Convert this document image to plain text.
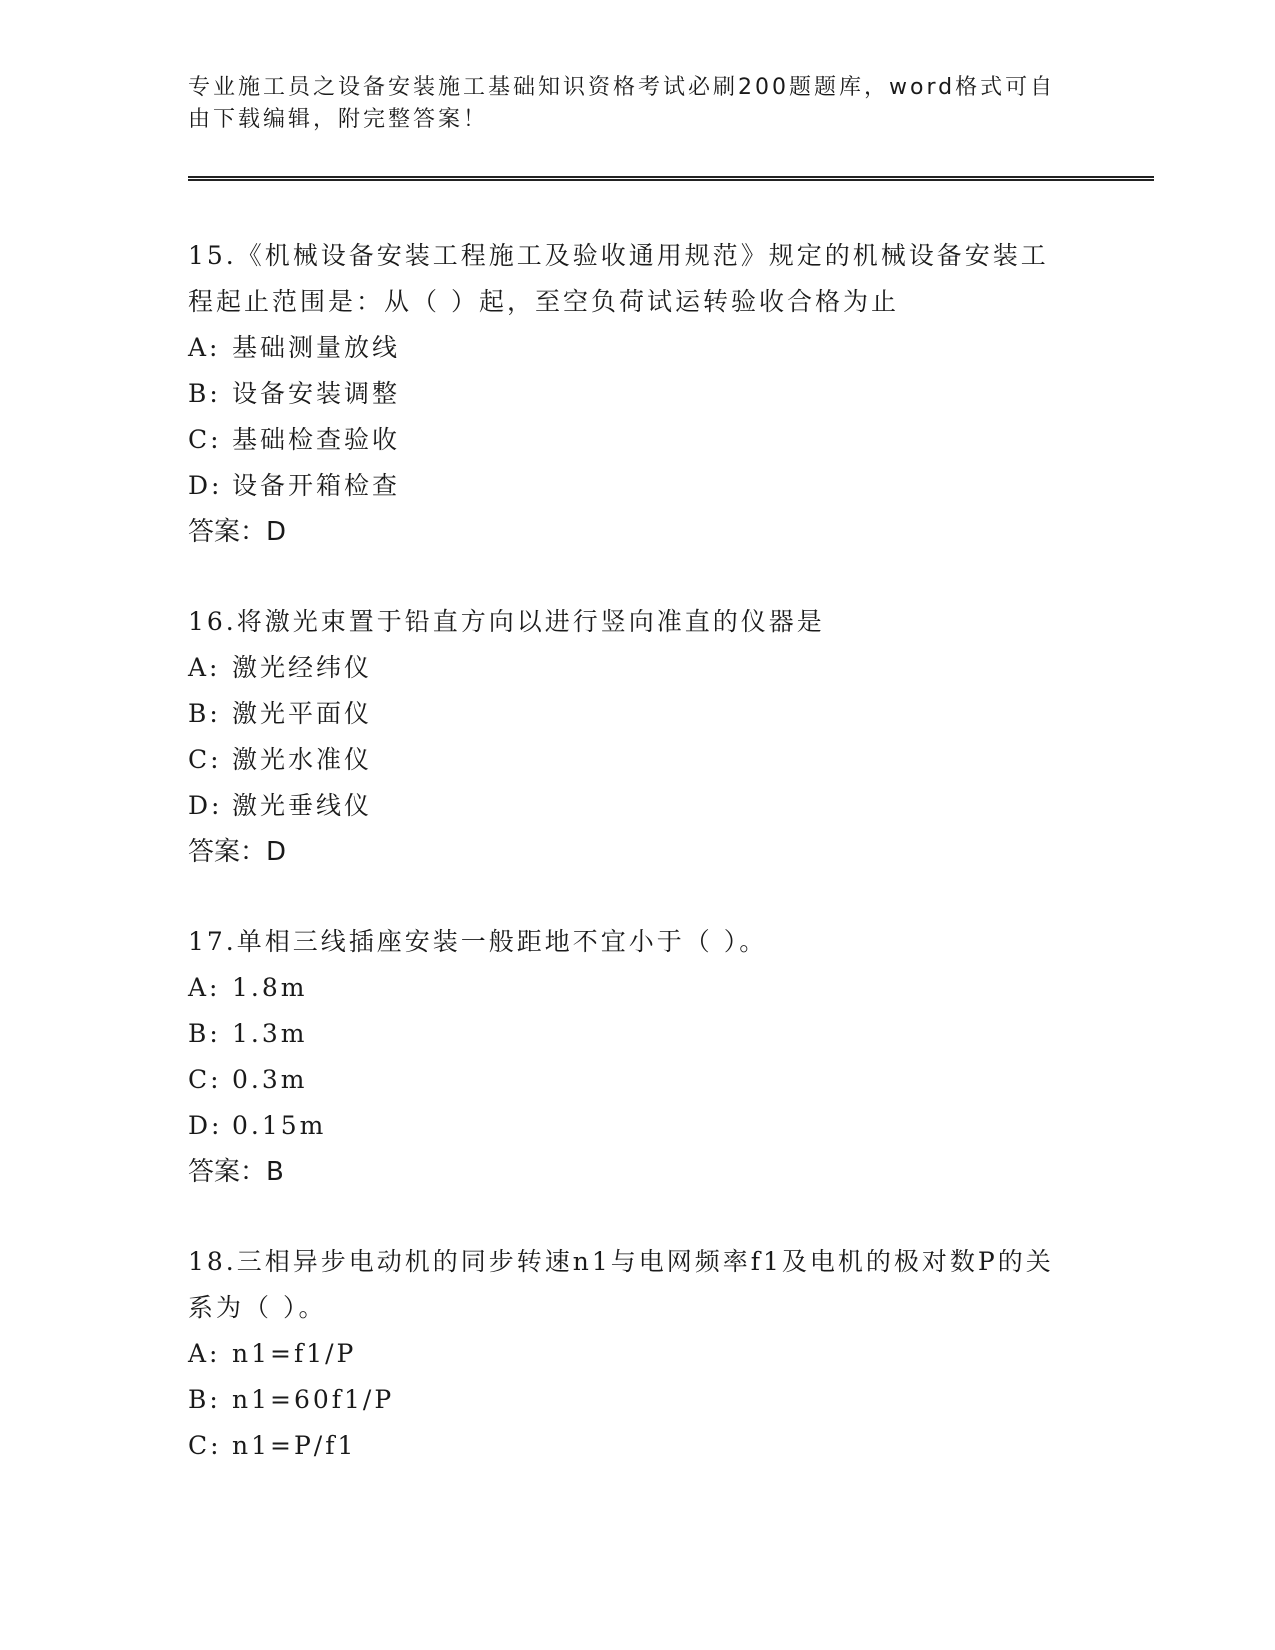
专业施工员之设备安装施工基础知识资格考试必刷200题题库，word格式可自由下载编辑，附完整答案！

15.《机械设备安装工程施工及验收通用规范》规定的机械设备安装工程起止范围是：从（ ）起，至空负荷试运转验收合格为止

A: 基础测量放线

B: 设备安装调整

C: 基础检查验收

D: 设备开箱检查

答案：D

16.将激光束置于铅直方向以进行竖向准直的仪器是

A: 激光经纬仪

B: 激光平面仪

C: 激光水准仪

D: 激光垂线仪

答案：D

17.单相三线插座安装一般距地不宜小于（ ）。

A: 1.8m

B: 1.3m

C: 0.3m

D: 0.15m

答案：B

18.三相异步电动机的同步转速n1与电网频率f1及电机的极对数P的关系为（ ）。

A: n1=f1/P

B: n1=60f1/P

C: n1=P/f1
